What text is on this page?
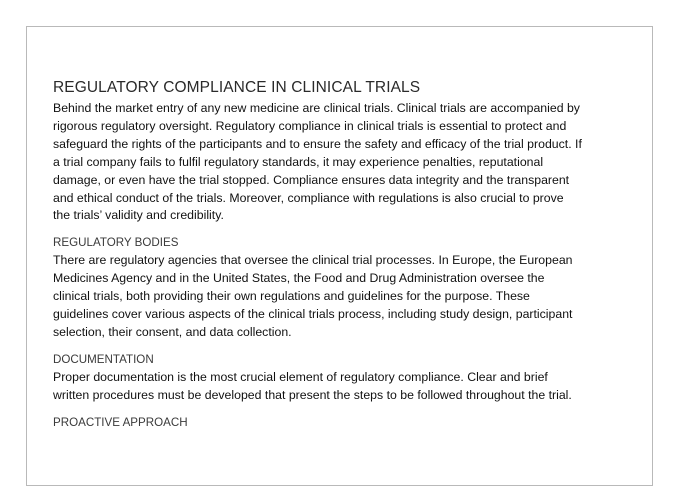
REGULATORY COMPLIANCE IN CLINICAL TRIALS

Behind the market entry of any new medicine are clinical trials. Clinical trials are accompanied by rigorous regulatory oversight. Regulatory compliance in clinical trials is essential to protect and safeguard the rights of the participants and to ensure the safety and efficacy of the trial product. If a trial company fails to fulfil regulatory standards, it may experience penalties, reputational damage, or even have the trial stopped. Compliance ensures data integrity and the transparent and ethical conduct of the trials. Moreover, compliance with regulations is also crucial to prove the trials’ validity and credibility.

REGULATORY BODIES

There are regulatory agencies that oversee the clinical trial processes. In Europe, the European Medicines Agency and in the United States, the Food and Drug Administration oversee the clinical trials, both providing their own regulations and guidelines for the purpose. These guidelines cover various aspects of the clinical trials process, including study design, participant selection, their consent, and data collection.

DOCUMENTATION

Proper documentation is the most crucial element of regulatory compliance. Clear and brief written procedures must be developed that present the steps to be followed throughout the trial.

PROACTIVE APPROACH
